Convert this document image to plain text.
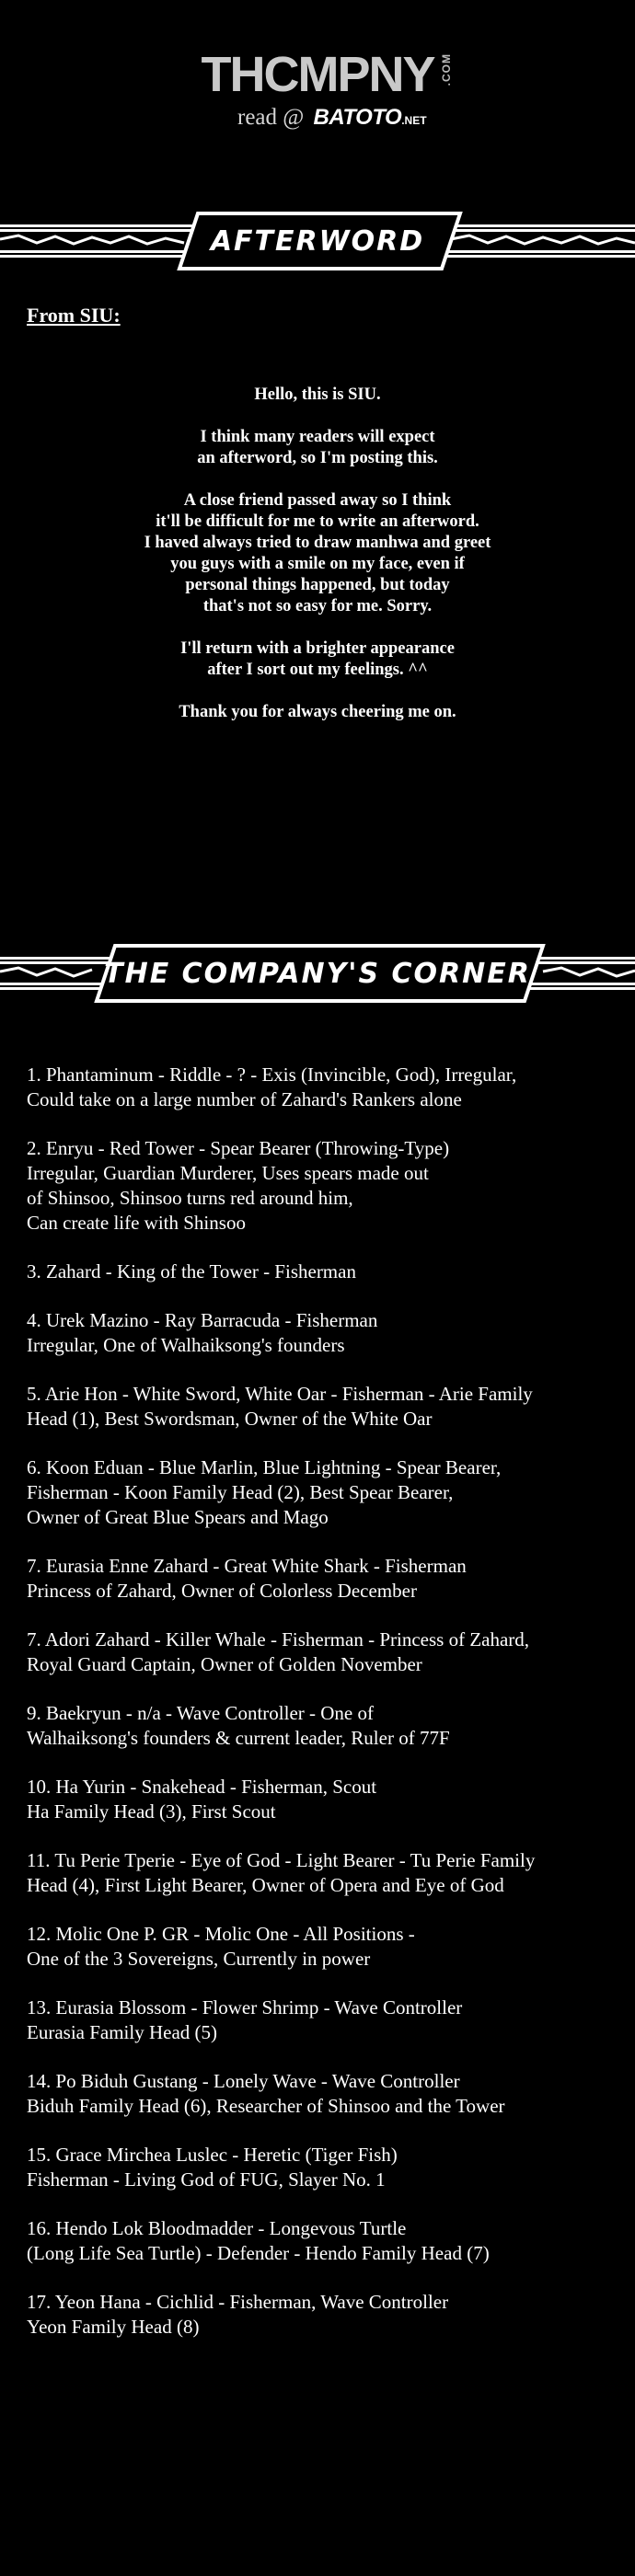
THCMPNY .COM
read @ BATOTO.NET
AFTERWORD
From SIU:

Hello, this is SIU.

I think many readers will expect
an afterword, so I'm posting this.

A close friend passed away so I think
it'll be difficult for me to write an afterword.
I haved always tried to draw manhwa and greet
you guys with a smile on my face, even if
personal things happened, but today
that's not so easy for me. Sorry.

I'll return with a brighter appearance
after I sort out my feelings. ^^

Thank you for always cheering me on.

THE COMPANY'S CORNER
1. Phantaminum - Riddle - ? - Exis (Invincible, God), Irregular,
Could take on a large number of Zahard's Rankers alone
2. Enryu - Red Tower - Spear Bearer (Throwing-Type)
Irregular, Guardian Murderer, Uses spears made out
of Shinsoo, Shinsoo turns red around him,
Can create life with Shinsoo
3. Zahard - King of the Tower - Fisherman
4. Urek Mazino - Ray Barracuda - Fisherman
Irregular, One of Walhaiksong's founders
5. Arie Hon - White Sword, White Oar - Fisherman - Arie Family
Head (1), Best Swordsman, Owner of the White Oar
6. Koon Eduan - Blue Marlin, Blue Lightning - Spear Bearer,
Fisherman - Koon Family Head (2), Best Spear Bearer,
Owner of Great Blue Spears and Mago
7. Eurasia Enne Zahard - Great White Shark - Fisherman
Princess of Zahard, Owner of Colorless December
7. Adori Zahard - Killer Whale - Fisherman - Princess of Zahard,
Royal Guard Captain, Owner of Golden November
9. Baekryun - n/a - Wave Controller - One of
Walhaiksong's founders & current leader, Ruler of 77F
10. Ha Yurin - Snakehead - Fisherman, Scout
Ha Family Head (3), First Scout
11. Tu Perie Tperie - Eye of God - Light Bearer - Tu Perie Family
Head (4), First Light Bearer, Owner of Opera and Eye of God
12. Molic One P. GR - Molic One - All Positions -
One of the 3 Sovereigns, Currently in power
13. Eurasia Blossom - Flower Shrimp - Wave Controller
Eurasia Family Head (5)
14. Po Biduh Gustang - Lonely Wave - Wave Controller
Biduh Family Head (6), Researcher of Shinsoo and the Tower
15. Grace Mirchea Luslec - Heretic (Tiger Fish)
Fisherman - Living God of FUG, Slayer No. 1
16. Hendo Lok Bloodmadder - Longevous Turtle
(Long Life Sea Turtle) - Defender - Hendo Family Head (7)
17. Yeon Hana - Cichlid - Fisherman, Wave Controller
Yeon Family Head (8)
